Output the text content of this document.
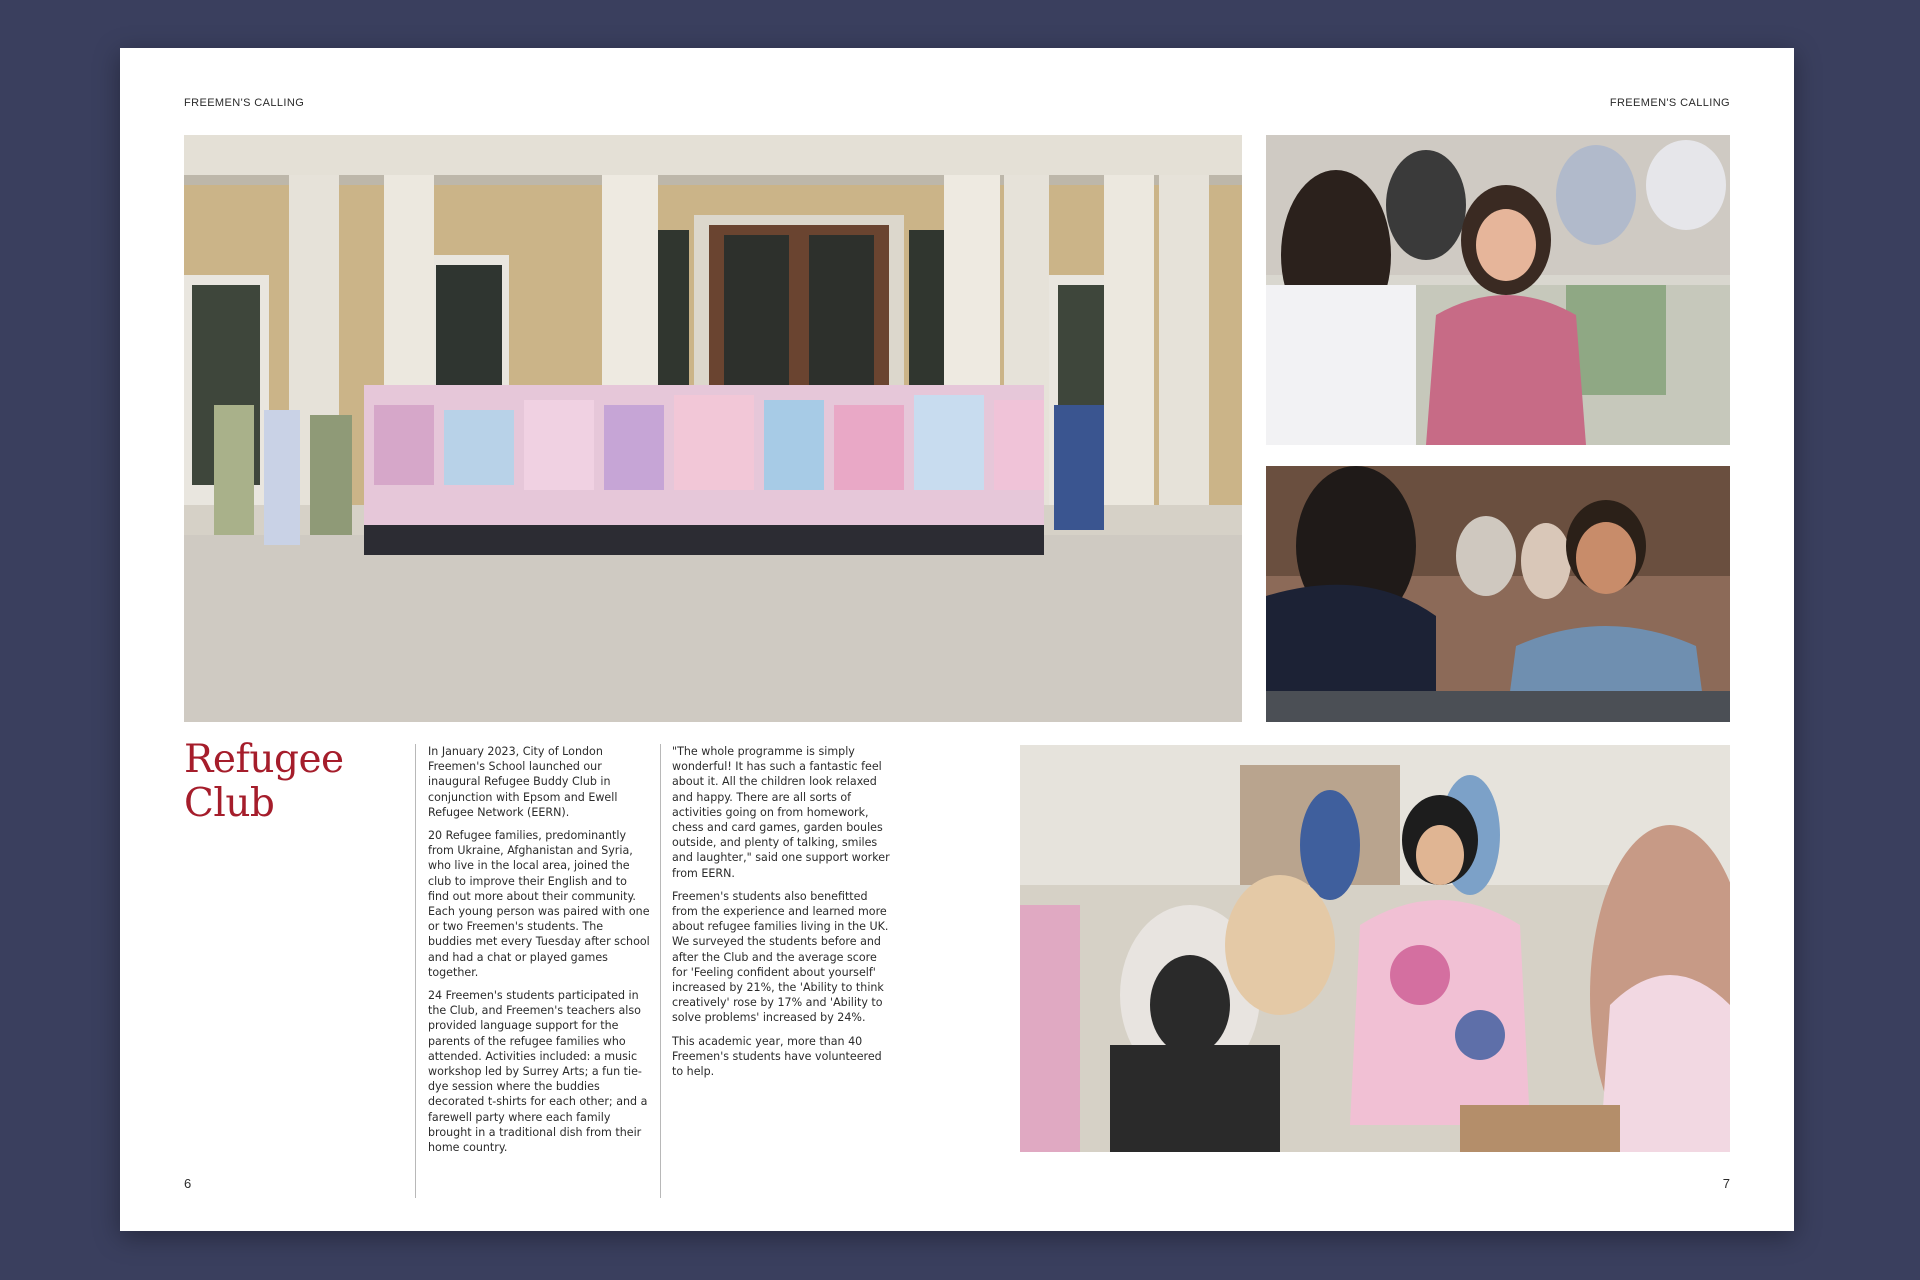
FREEMEN'S CALLING	FREEMEN'S CALLING
Refugee
Club

In January 2023, City of London Freemen's School launched our inaugural Refugee Buddy Club in conjunction with Epsom and Ewell Refugee Network (EERN).

20 Refugee families, predominantly from Ukraine, Afghanistan and Syria, who live in the local area, joined the club to improve their English and to find out more about their community. Each young person was paired with one or two Freemen's students. The buddies met every Tuesday after school and had a chat or played games together.

24 Freemen's students participated in the Club, and Freemen's teachers also provided language support for the parents of the refugee families who attended. Activities included: a music workshop led by Surrey Arts; a fun tie-dye session where the buddies decorated t-shirts for each other; and a farewell party where each family brought in a traditional dish from their home country.

"The whole programme is simply wonderful! It has such a fantastic feel about it. All the children look relaxed and happy. There are all sorts of activities going on from homework, chess and card games, garden boules outside, and plenty of talking, smiles and laughter," said one support worker from EERN.

Freemen's students also benefitted from the experience and learned more about refugee families living in the UK. We surveyed the students before and after the Club and the average score for 'Feeling confident about yourself' increased by 21%, the 'Ability to think creatively' rose by 17% and 'Ability to solve problems' increased by 24%.

This academic year, more than 40 Freemen's students have volunteered to help.

6	7
